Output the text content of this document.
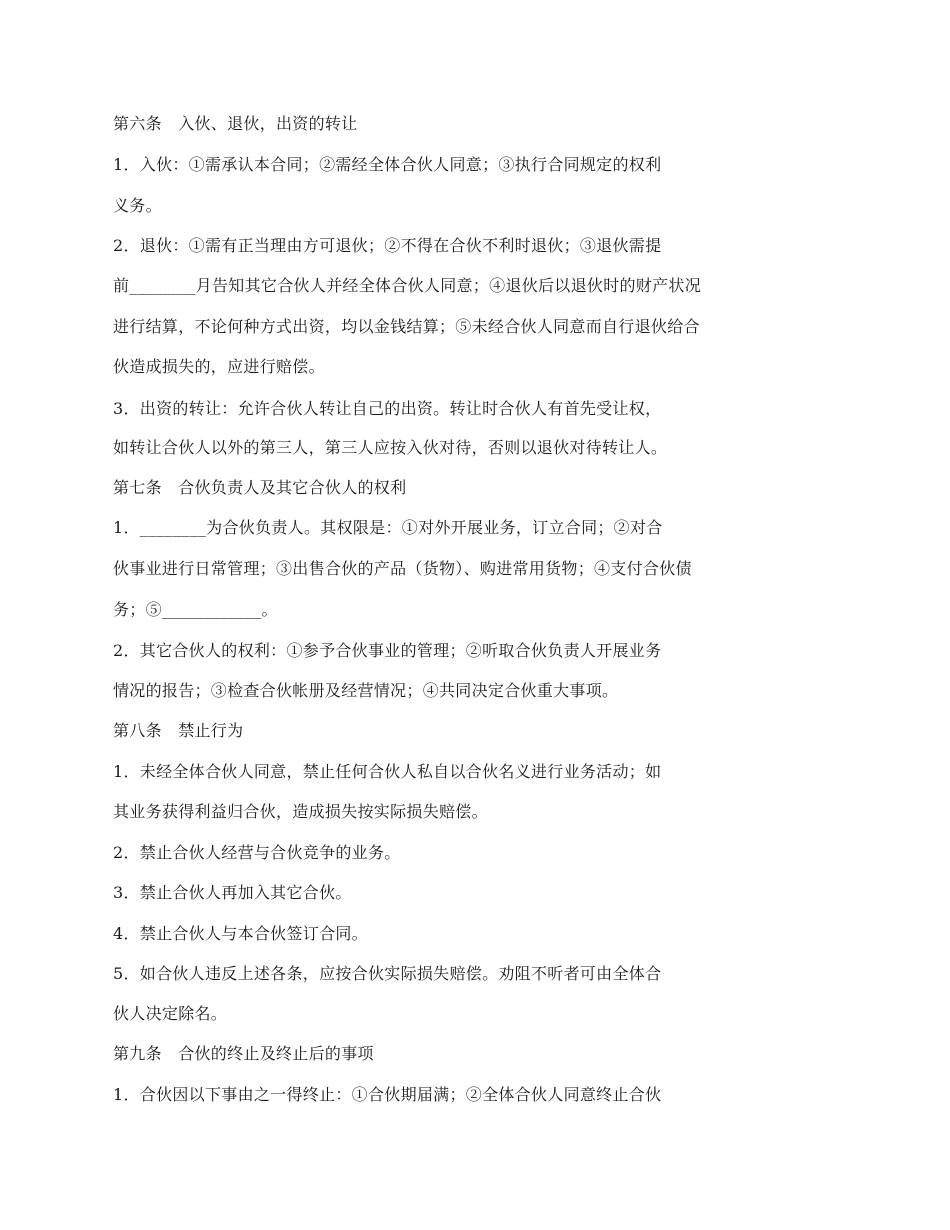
第六条　入伙、退伙，出资的转让
1．入伙：①需承认本合同；②需经全体合伙人同意；③执行合同规定的权利
义务。
2．退伙：①需有正当理由方可退伙；②不得在合伙不利时退伙；③退伙需提
前________月告知其它合伙人并经全体合伙人同意；④退伙后以退伙时的财产状况
进行结算，不论何种方式出资，均以金钱结算；⑤未经合伙人同意而自行退伙给合
伙造成损失的，应进行赔偿。
3．出资的转让：允许合伙人转让自己的出资。转让时合伙人有首先受让权，
如转让合伙人以外的第三人，第三人应按入伙对待，否则以退伙对待转让人。
第七条　合伙负责人及其它合伙人的权利
1．________为合伙负责人。其权限是：①对外开展业务，订立合同；②对合
伙事业进行日常管理；③出售合伙的产品（货物）、购进常用货物；④支付合伙债
务；⑤____________。
2．其它合伙人的权利：①参予合伙事业的管理；②听取合伙负责人开展业务
情况的报告；③检查合伙帐册及经营情况；④共同决定合伙重大事项。
第八条　禁止行为
1．未经全体合伙人同意，禁止任何合伙人私自以合伙名义进行业务活动；如
其业务获得利益归合伙，造成损失按实际损失赔偿。
2．禁止合伙人经营与合伙竞争的业务。
3．禁止合伙人再加入其它合伙。
4．禁止合伙人与本合伙签订合同。
5．如合伙人违反上述各条，应按合伙实际损失赔偿。劝阻不听者可由全体合
伙人决定除名。
第九条　合伙的终止及终止后的事项
1．合伙因以下事由之一得终止：①合伙期届满；②全体合伙人同意终止合伙
